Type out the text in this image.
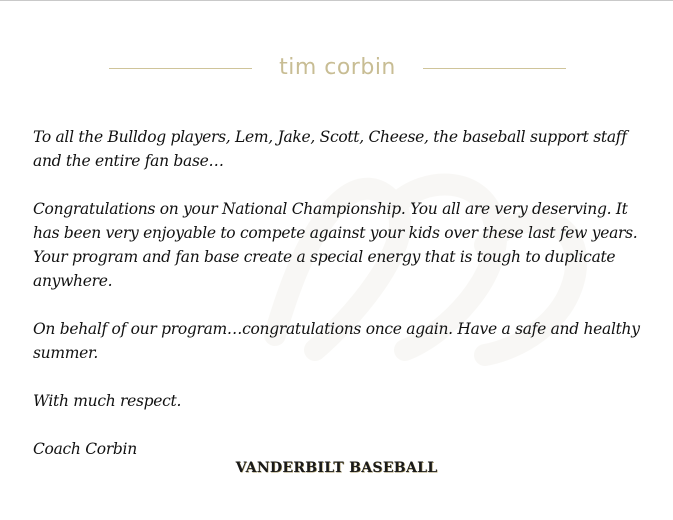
tim corbin

To all the Bulldog players, Lem, Jake, Scott, Cheese, the baseball support staff and the entire fan base…

Congratulations on your National Championship. You all are very deserving. It has been very enjoyable to compete against your kids over these last few years. Your program and fan base create a special energy that is tough to duplicate anywhere.

On behalf of our program…congratulations once again. Have a safe and healthy summer.

With much respect.

Coach Corbin

VANDERBILT BASEBALL
